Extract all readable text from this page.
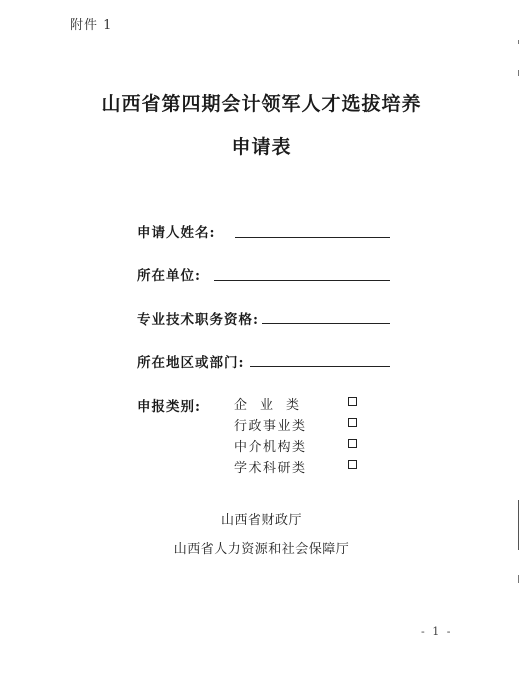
附件 1
山西省第四期会计领军人才选拔培养
申请表
申请人姓名:
所在单位:
专业技术职务资格:
所在地区或部门:
申报类别:	企业类
行政事业类
中介机构类
学术科研类
山西省财政厅
山西省人力资源和社会保障厅
- 1 -
